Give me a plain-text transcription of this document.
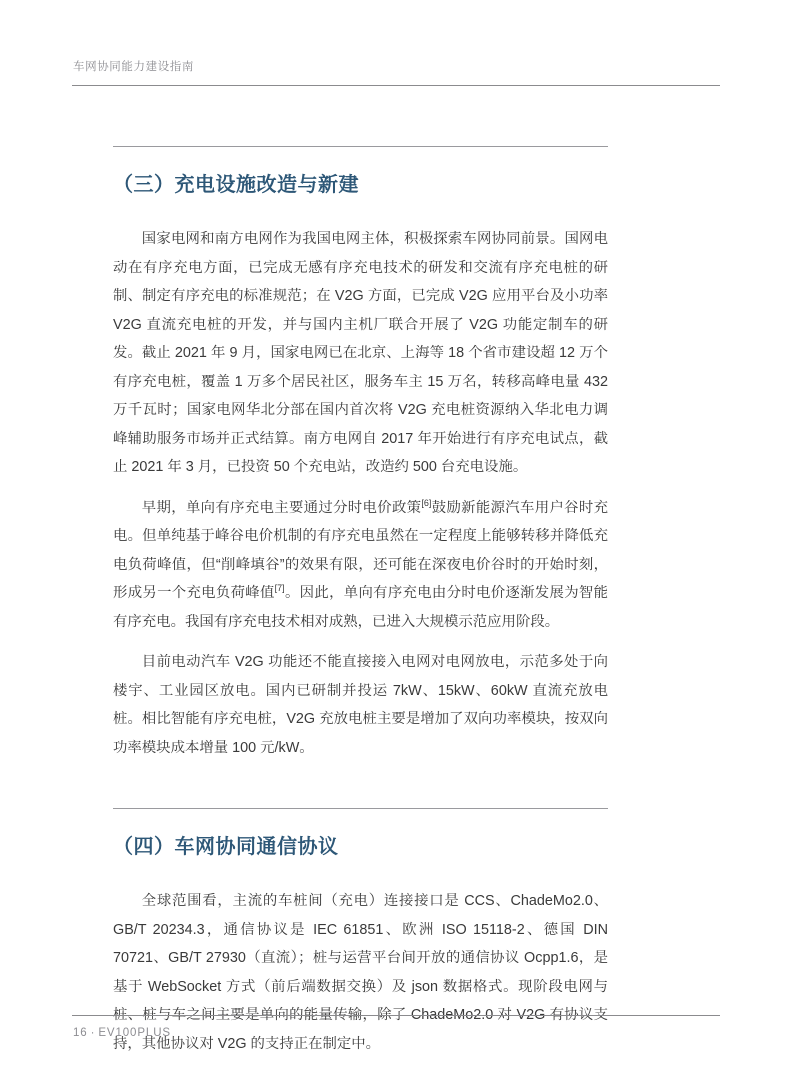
车网协同能力建设指南
（三）充电设施改造与新建

国家电网和南方电网作为我国电网主体，积极探索车网协同前景。国网电动在有序充电方面，已完成无感有序充电技术的研发和交流有序充电桩的研制、制定有序充电的标准规范；在 V2G 方面，已完成 V2G 应用平台及小功率 V2G 直流充电桩的开发，并与国内主机厂联合开展了 V2G 功能定制车的研发。截止 2021 年 9 月，国家电网已在北京、上海等 18 个省市建设超 12 万个有序充电桩，覆盖 1 万多个居民社区，服务车主 15 万名，转移高峰电量 432 万千瓦时；国家电网华北分部在国内首次将 V2G 充电桩资源纳入华北电力调峰辅助服务市场并正式结算。南方电网自 2017 年开始进行有序充电试点，截止 2021 年 3 月，已投资 50 个充电站，改造约 500 台充电设施。

早期，单向有序充电主要通过分时电价政策[6]鼓励新能源汽车用户谷时充电。但单纯基于峰谷电价机制的有序充电虽然在一定程度上能够转移并降低充电负荷峰值，但“削峰填谷”的效果有限，还可能在深夜电价谷时的开始时刻，形成另一个充电负荷峰值[7]。因此，单向有序充电由分时电价逐渐发展为智能有序充电。我国有序充电技术相对成熟，已进入大规模示范应用阶段。

目前电动汽车 V2G 功能还不能直接接入电网对电网放电，示范多处于向楼宇、工业园区放电。国内已研制并投运 7kW、15kW、60kW 直流充放电桩。相比智能有序充电桩，V2G 充放电桩主要是增加了双向功率模块，按双向功率模块成本增量 100 元/kW。

（四）车网协同通信协议

全球范围看，主流的车桩间（充电）连接接口是 CCS、ChadeMo2.0、GB/T 20234.3，通信协议是 IEC 61851、欧洲 ISO 15118-2、德国 DIN 70721、GB/T 27930（直流）；桩与运营平台间开放的通信协议 Ocpp1.6，是基于 WebSocket 方式（前后端数据交换）及 json 数据格式。现阶段电网与桩、桩与车之间主要是单向的能量传输，除了 ChadeMo2.0 对 V2G 有协议支持，其他协议对 V2G 的支持正在制定中。

16 · EV100PLUS
